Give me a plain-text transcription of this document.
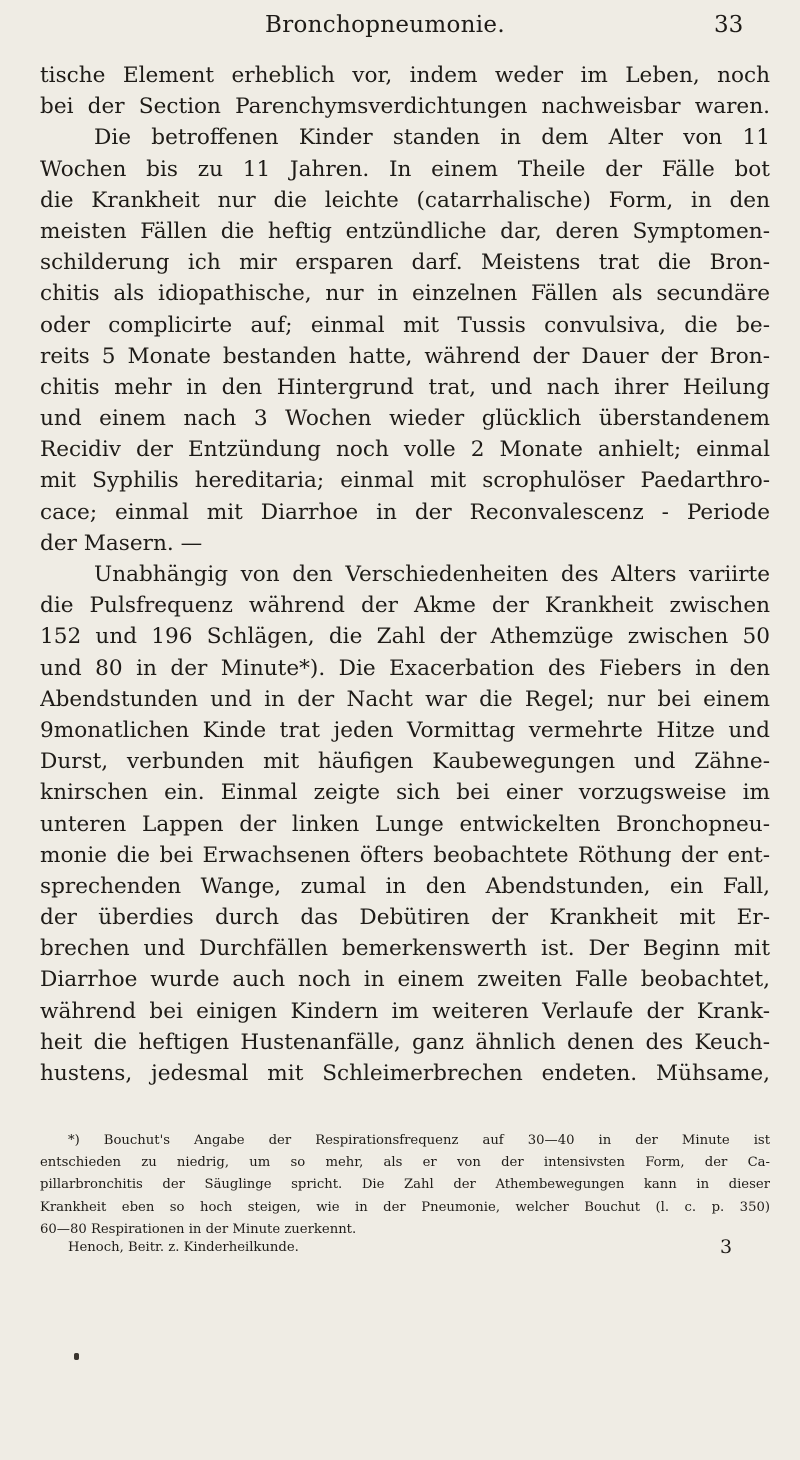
Bronchopneumonie.	33
tische Element erheblich vor, indem weder im Leben, noch
bei der Section Parenchymsverdichtungen nachweisbar waren.
Die betroffenen Kinder standen in dem Alter von 11
Wochen bis zu 11 Jahren. In einem Theile der Fälle bot
die Krankheit nur die leichte (catarrhalische) Form, in den
meisten Fällen die heftig entzündliche dar, deren Symptomen-
schilderung ich mir ersparen darf. Meistens trat die Bron-
chitis als idiopathische, nur in einzelnen Fällen als secundäre
oder complicirte auf; einmal mit Tussis convulsiva, die be-
reits 5 Monate bestanden hatte, während der Dauer der Bron-
chitis mehr in den Hintergrund trat, und nach ihrer Heilung
und einem nach 3 Wochen wieder glücklich überstandenem
Recidiv der Entzündung noch volle 2 Monate anhielt; einmal
mit Syphilis hereditaria; einmal mit scrophulöser Paedarthro-
cace; einmal mit Diarrhoe in der Reconvalescenz - Periode
der Masern. —
Unabhängig von den Verschiedenheiten des Alters variirte
die Pulsfrequenz während der Akme der Krankheit zwischen
152 und 196 Schlägen, die Zahl der Athemzüge zwischen 50
und 80 in der Minute*). Die Exacerbation des Fiebers in den
Abendstunden und in der Nacht war die Regel; nur bei einem
9monatlichen Kinde trat jeden Vormittag vermehrte Hitze und
Durst, verbunden mit häufigen Kaubewegungen und Zähne-
knirschen ein. Einmal zeigte sich bei einer vorzugsweise im
unteren Lappen der linken Lunge entwickelten Bronchopneu-
monie die bei Erwachsenen öfters beobachtete Röthung der ent-
sprechenden Wange, zumal in den Abendstunden, ein Fall,
der überdies durch das Debütiren der Krankheit mit Er-
brechen und Durchfällen bemerkenswerth ist. Der Beginn mit
Diarrhoe wurde auch noch in einem zweiten Falle beobachtet,
während bei einigen Kindern im weiteren Verlaufe der Krank-
heit die heftigen Hustenanfälle, ganz ähnlich denen des Keuch-
hustens, jedesmal mit Schleimerbrechen endeten. Mühsame,
*) Bouchut's Angabe der Respirationsfrequenz auf 30—40 in der Minute ist
entschieden zu niedrig, um so mehr, als er von der intensivsten Form, der Ca-
pillarbronchitis der Säuglinge spricht. Die Zahl der Athembewegungen kann in dieser
Krankheit eben so hoch steigen, wie in der Pneumonie, welcher Bouchut (l. c. p. 350)
60—80 Respirationen in der Minute zuerkennt.
Henoch, Beitr. z. Kinderheilkunde.	3
